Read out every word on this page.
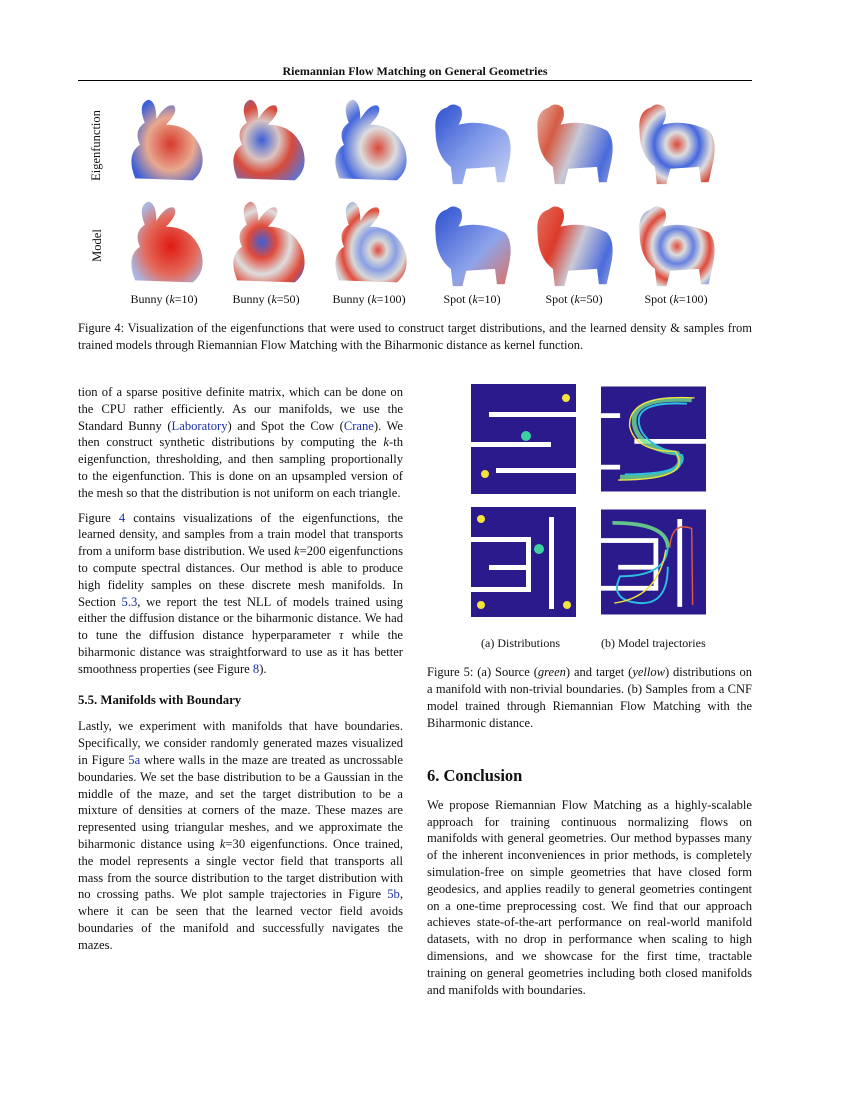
Riemannian Flow Matching on General Geometries
Eigenfunction
Model
Bunny (k=10)	Bunny (k=50)	Bunny (k=100)	Spot (k=10)	Spot (k=50)	Spot (k=100)
Figure 4: Visualization of the eigenfunctions that were used to construct target distributions, and the learned density & samples from trained models through Riemannian Flow Matching with the Biharmonic distance as kernel function.

tion of a sparse positive definite matrix, which can be done on the CPU rather efficiently. As our manifolds, we use the Standard Bunny (Laboratory) and Spot the Cow (Crane). We then construct synthetic distributions by computing the k-th eigenfunction, thresholding, and then sampling proportionally to the eigenfunction. This is done on an upsampled version of the mesh so that the distribution is not uniform on each triangle.

Figure 4 contains visualizations of the eigenfunctions, the learned density, and samples from a train model that transports from a uniform base distribution. We used k=200 eigenfunctions to compute spectral distances. Our method is able to produce high fidelity samples on these discrete mesh manifolds. In Section 5.3, we report the test NLL of models trained using either the diffusion distance or the biharmonic distance. We had to tune the diffusion distance hyperparameter τ while the biharmonic distance was straightforward to use as it has better smoothness properties (see Figure 8).

5.5. Manifolds with Boundary

Lastly, we experiment with manifolds that have boundaries. Specifically, we consider randomly generated mazes visualized in Figure 5a where walls in the maze are treated as uncrossable boundaries. We set the base distribution to be a Gaussian in the middle of the maze, and set the target distribution to be a mixture of densities at corners of the maze. These mazes are represented using triangular meshes, and we approximate the biharmonic distance using k=30 eigenfunctions. Once trained, the model represents a single vector field that transports all mass from the source distribution to the target distribution with no crossing paths. We plot sample trajectories in Figure 5b, where it can be seen that the learned vector field avoids boundaries of the manifold and successfully navigates the mazes.

(a) Distributions	(b) Model trajectories
Figure 5: (a) Source (green) and target (yellow) distributions on a manifold with non-trivial boundaries. (b) Samples from a CNF model trained through Riemannian Flow Matching with the Biharmonic distance.
6. Conclusion

We propose Riemannian Flow Matching as a highly-scalable approach for training continuous normalizing flows on manifolds with general geometries. Our method bypasses many of the inherent inconveniences in prior methods, is completely simulation-free on simple geometries that have closed form geodesics, and applies readily to general geometries contingent on a one-time preprocessing cost. We find that our approach achieves state-of-the-art performance on real-world manifold datasets, with no drop in performance when scaling to high dimensions, and we showcase for the first time, tractable training on general geometries including both closed manifolds and manifolds with boundaries.
